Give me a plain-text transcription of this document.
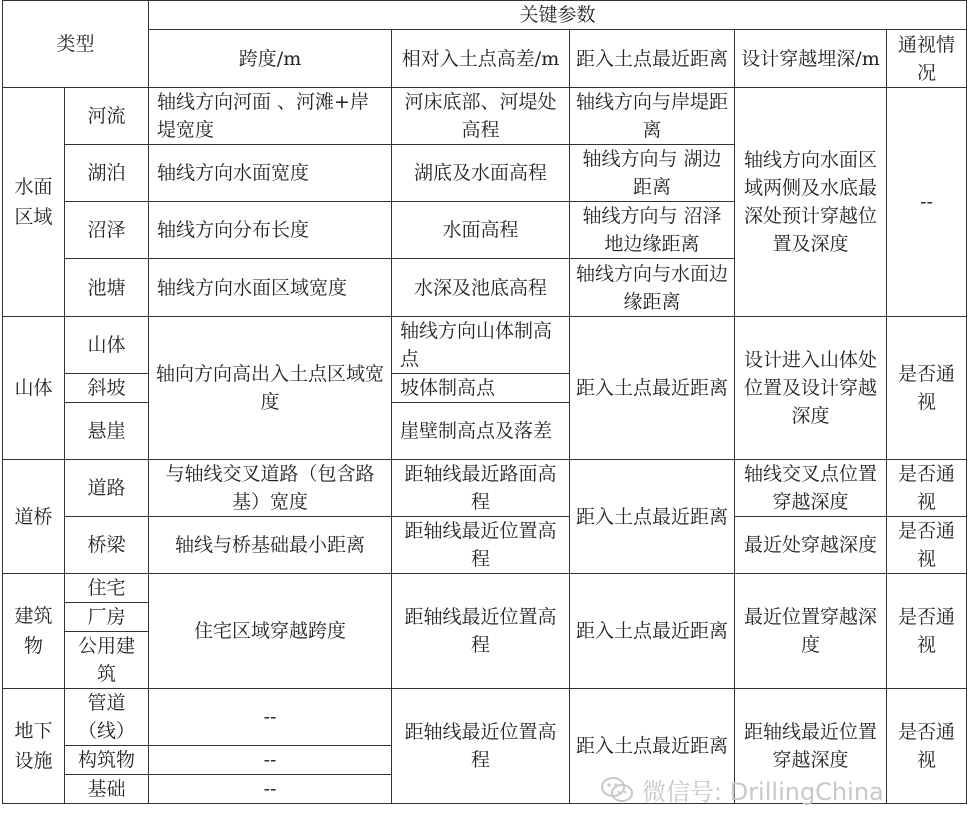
类型		关键参数				
		跨度/m	相对入土点高差/m	距入土点最近距离	设计穿越埋深/m	通视情况
水面区域	河流	轴线方向河面 、河滩+岸堤宽度	河床底部、河堤处高程	轴线方向与岸堤距离	轴线方向水面区域两侧及水底最深处预计穿越位置及深度	--
	湖泊	轴线方向水面宽度	湖底及水面高程	轴线方向与 湖边距离		
	沼泽	轴线方向分布长度	水面高程	轴线方向与 沼泽地边缘距离		
	池塘	轴线方向水面区域宽度	水深及池底高程	轴线方向与水面边缘距离		
山体	山体	轴向方向高出入土点区域宽度	轴线方向山体制高点	距入土点最近距离	设计进入山体处位置及设计穿越深度	是否通视
	斜坡		坡体制高点			
	悬崖		崖壁制高点及落差			
道桥	道路	与轴线交叉道路（包含路基）宽度	距轴线最近路面高程	距入土点最近距离	轴线交叉点位置穿越深度	是否通视
	桥梁	轴线与桥基础最小距离	距轴线最近位置高程		最近处穿越深度	是否通视
建筑物	住宅	住宅区域穿越跨度	距轴线最近位置高程	距入土点最近距离	最近位置穿越深度	是否通视
	厂房					
	公用建筑					
地下设施	管道（线）	--	距轴线最近位置高程	距入土点最近距离	距轴线最近位置穿越深度	是否通视
	构筑物	--				
	基础	--					微信号: DrillingChina
